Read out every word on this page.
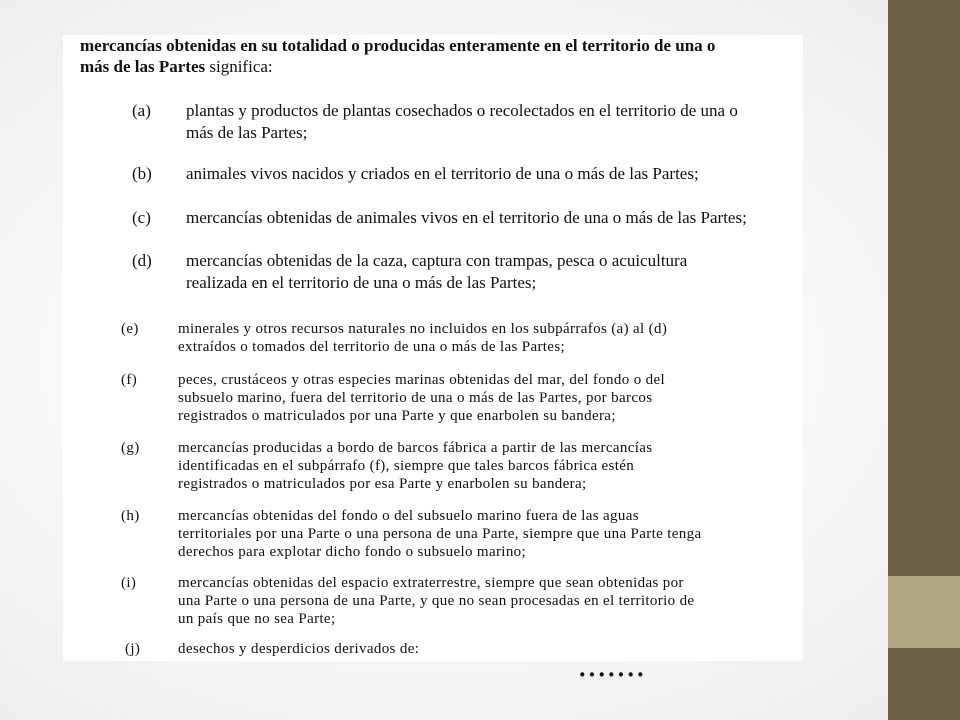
mercancías obtenidas en su totalidad o producidas enteramente en el territorio de una o
más de las Partes significa:
(a)	plantas y productos de plantas cosechados o recolectados en el territorio de una o
más de las Partes;
(b)	animales vivos nacidos y criados en el territorio de una o más de las Partes;
(c)	mercancías obtenidas de animales vivos en el territorio de una o más de las Partes;
(d)	mercancías obtenidas de la caza, captura con trampas, pesca o acuicultura
realizada en el territorio de una o más de las Partes;
(e)	minerales y otros recursos naturales no incluidos en los subpárrafos (a) al (d)
extraídos o tomados del territorio de una o más de las Partes;
(f)	peces, crustáceos y otras especies marinas obtenidas del mar, del fondo o del
subsuelo marino, fuera del territorio de una o más de las Partes, por barcos
registrados o matriculados por una Parte y que enarbolen su bandera;
(g)	mercancías producidas a bordo de barcos fábrica a partir de las mercancías
identificadas en el subpárrafo (f), siempre que tales barcos fábrica estén
registrados o matriculados por esa Parte y enarbolen su bandera;
(h)	mercancías obtenidas del fondo o del subsuelo marino fuera de las aguas
territoriales por una Parte o una persona de una Parte, siempre que una Parte tenga
derechos para explotar dicho fondo o subsuelo marino;
(i)	mercancías obtenidas del espacio extraterrestre, siempre que sean obtenidas por
una Parte o una persona de una Parte, y que no sean procesadas en el territorio de
un país que no sea Parte;
(j)	desechos y desperdicios derivados de:
·······
